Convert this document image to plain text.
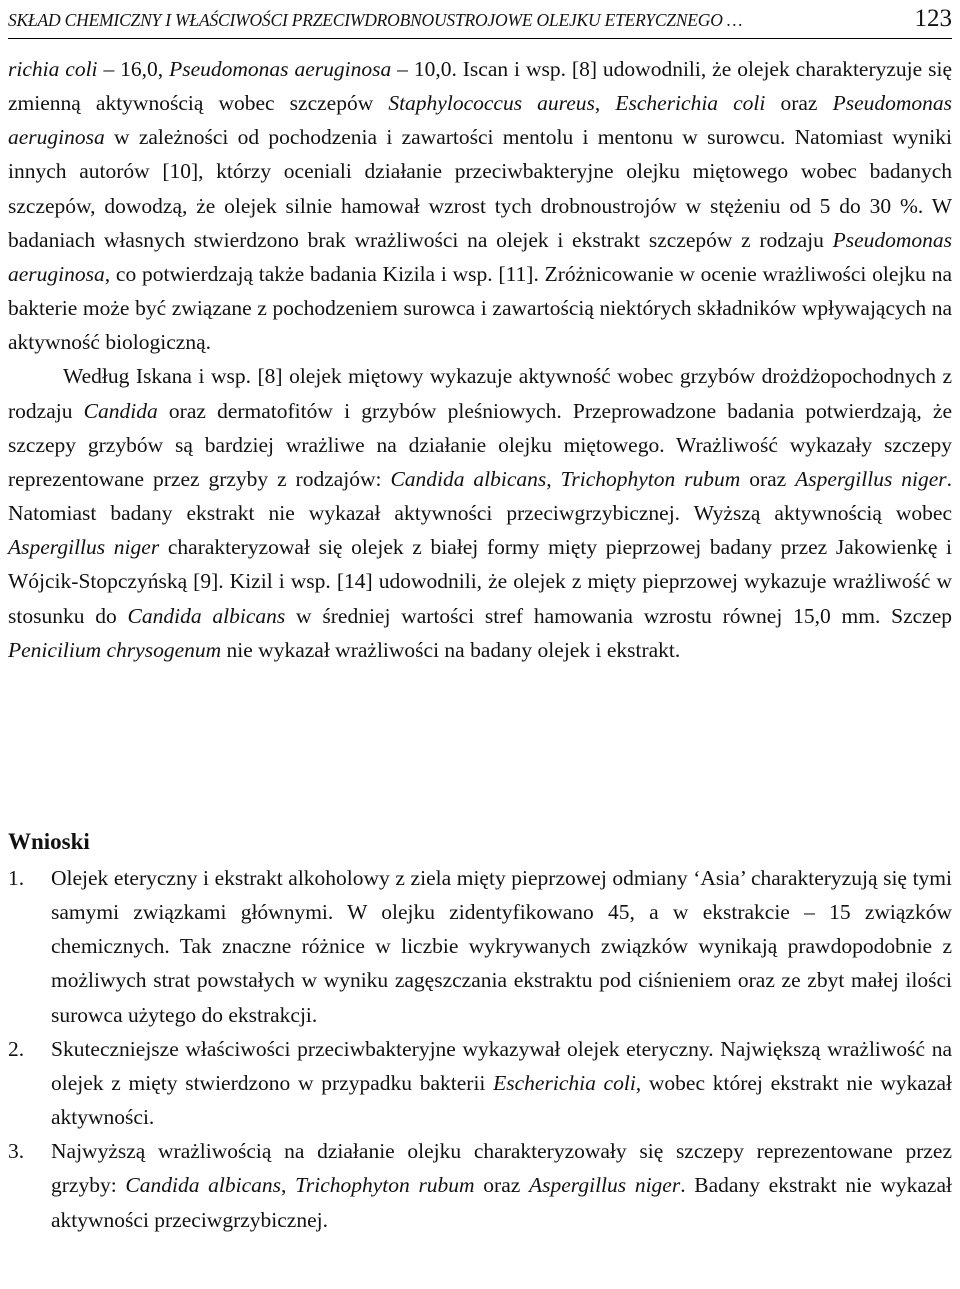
SKŁAD CHEMICZNY I WŁAŚCIWOŚCI PRZECIWDROBNOUSTROJOWE OLEJKU ETERYCZNEGO …	123

richia coli – 16,0, Pseudomonas aeruginosa – 10,0. Iscan i wsp. [8] udowodnili, że olejek charakteryzuje się zmienną aktywnością wobec szczepów Staphylococcus aureus, Escherichia coli oraz Pseudomonas aeruginosa w zależności od pochodzenia i zawartości mentolu i mentonu w surowcu. Natomiast wyniki innych autorów [10], którzy oceniali działanie przeciwbakteryjne olejku miętowego wobec badanych szczepów, dowodzą, że olejek silnie hamował wzrost tych drobnoustrojów w stężeniu od 5 do 30 %. W badaniach własnych stwierdzono brak wrażliwości na olejek i ekstrakt szczepów z rodzaju Pseudomonas aeruginosa, co potwierdzają także badania Kizila i wsp. [11]. Zróżnicowanie w ocenie wrażliwości olejku na bakterie może być związane z pochodzeniem surowca i zawartością niektórych składników wpływających na aktywność biologiczną.

Według Iskana i wsp. [8] olejek miętowy wykazuje aktywność wobec grzybów drożdżopochodnych z rodzaju Candida oraz dermatofitów i grzybów pleśniowych. Przeprowadzone badania potwierdzają, że szczepy grzybów są bardziej wrażliwe na działanie olejku miętowego. Wrażliwość wykazały szczepy reprezentowane przez grzyby z rodzajów: Candida albicans, Trichophyton rubum oraz Aspergillus niger. Natomiast badany ekstrakt nie wykazał aktywności przeciwgrzybicznej. Wyższą aktywnością wobec Aspergillus niger charakteryzował się olejek z białej formy mięty pieprzowej badany przez Jakowienkę i Wójcik-Stopczyńską [9]. Kizil i wsp. [14] udowodnili, że olejek z mięty pieprzowej wykazuje wrażliwość w stosunku do Candida albicans w średniej wartości stref hamowania wzrostu równej 15,0 mm. Szczep Penicilium chrysogenum nie wykazał wrażliwości na badany olejek i ekstrakt.

Wnioski
1. Olejek eteryczny i ekstrakt alkoholowy z ziela mięty pieprzowej odmiany ‘Asia’ charakteryzują się tymi samymi związkami głównymi. W olejku zidentyfikowano 45, a w ekstrakcie – 15 związków chemicznych. Tak znaczne różnice w liczbie wykrywanych związków wynikają prawdopodobnie z możliwych strat powstałych w wyniku zagęszczania ekstraktu pod ciśnieniem oraz ze zbyt małej ilości surowca użytego do ekstrakcji.
2. Skuteczniejsze właściwości przeciwbakteryjne wykazywał olejek eteryczny. Największą wrażliwość na olejek z mięty stwierdzono w przypadku bakterii Escherichia coli, wobec której ekstrakt nie wykazał aktywności.
3. Najwyższą wrażliwością na działanie olejku charakteryzowały się szczepy reprezentowane przez grzyby: Candida albicans, Trichophyton rubum oraz Aspergillus niger. Badany ekstrakt nie wykazał aktywności przeciwgrzybicznej.
